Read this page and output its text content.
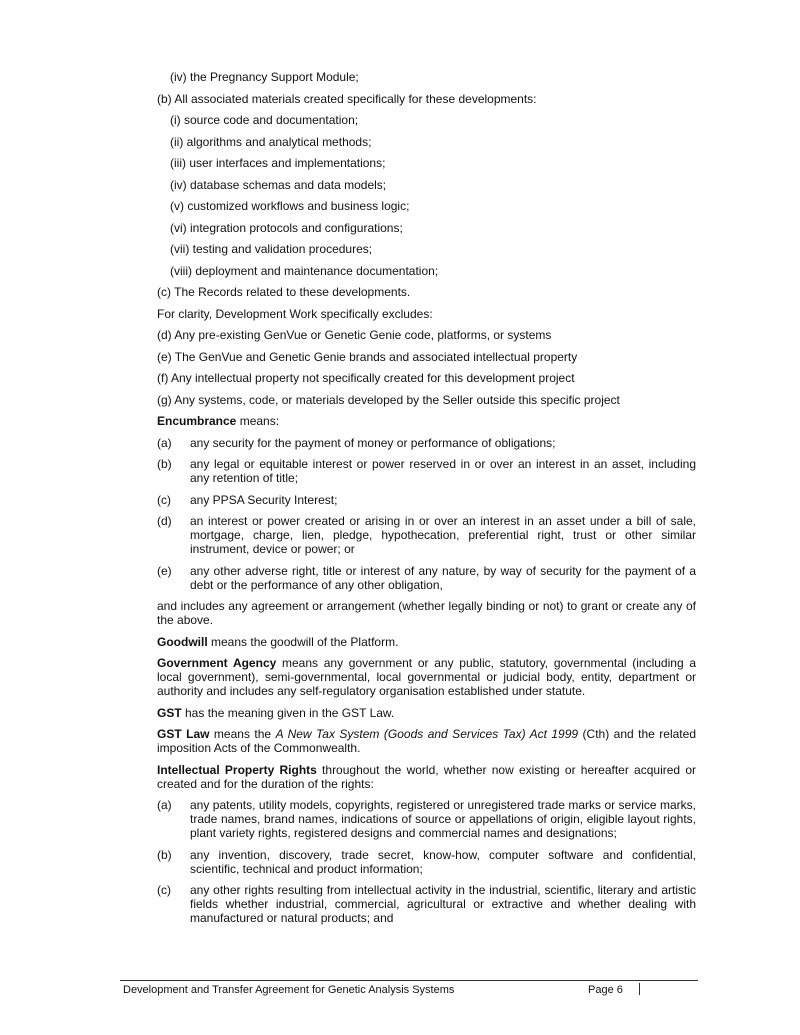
(iv) the Pregnancy Support Module;

(b) All associated materials created specifically for these developments:

(i) source code and documentation;

(ii) algorithms and analytical methods;

(iii) user interfaces and implementations;

(iv) database schemas and data models;

(v) customized workflows and business logic;

(vi) integration protocols and configurations;

(vii) testing and validation procedures;

(viii) deployment and maintenance documentation;

(c) The Records related to these developments.

For clarity, Development Work specifically excludes:

(d) Any pre-existing GenVue or Genetic Genie code, platforms, or systems

(e) The GenVue and Genetic Genie brands and associated intellectual property

(f) Any intellectual property not specifically created for this development project

(g) Any systems, code, or materials developed by the Seller outside this specific project

Encumbrance means:

(a)	any security for the payment of money or performance of obligations;
(b)	any legal or equitable interest or power reserved in or over an interest in an asset, including any retention of title;
(c)	any PPSA Security Interest;
(d)	an interest or power created or arising in or over an interest in an asset under a bill of sale, mortgage, charge, lien, pledge, hypothecation, preferential right, trust or other similar instrument, device or power; or
(e)	any other adverse right, title or interest of any nature, by way of security for the payment of a debt or the performance of any other obligation,

and includes any agreement or arrangement (whether legally binding or not) to grant or create any of the above.

Goodwill means the goodwill of the Platform.

Government Agency means any government or any public, statutory, governmental (including a local government), semi-governmental, local governmental or judicial body, entity, department or authority and includes any self-regulatory organisation established under statute.

GST has the meaning given in the GST Law.

GST Law means the A New Tax System (Goods and Services Tax) Act 1999 (Cth) and the related imposition Acts of the Commonwealth.

Intellectual Property Rights throughout the world, whether now existing or hereafter acquired or created and for the duration of the rights:

(a)	any patents, utility models, copyrights, registered or unregistered trade marks or service marks, trade names, brand names, indications of source or appellations of origin, eligible layout rights, plant variety rights, registered designs and commercial names and designations;
(b)	any invention, discovery, trade secret, know-how, computer software and confidential, scientific, technical and product information;
(c)	any other rights resulting from intellectual activity in the industrial, scientific, literary and artistic fields whether industrial, commercial, agricultural or extractive and whether dealing with manufactured or natural products; and
Development and Transfer Agreement for Genetic Analysis Systems	Page 6
